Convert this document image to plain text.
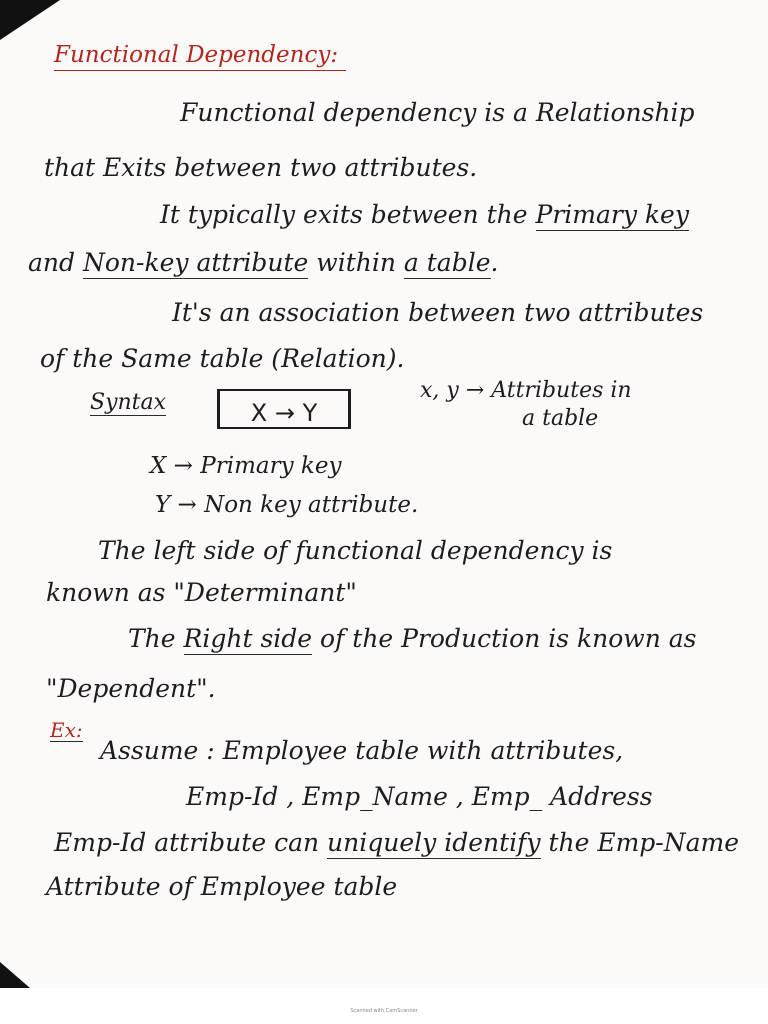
Functional Dependency:
Functional dependency is a Relationship
that Exits between two attributes.
It typically exits between the Primary key
and Non-key attribute within a table.
It's an association between two attributes
of the Same table (Relation).
Syntax	X → Y
x, y → Attributes in
a table
X → Primary key
Y → Non key attribute.
The left side of functional dependency is
known as "Determinant"
The Right side of the Production is known as
"Dependent".
Ex:
Assume : Employee table with attributes,
Emp-Id , Emp_Name , Emp_ Address
Emp-Id attribute can uniquely identify the Emp-Name
Attribute of Employee table
Scanned with CamScanner
